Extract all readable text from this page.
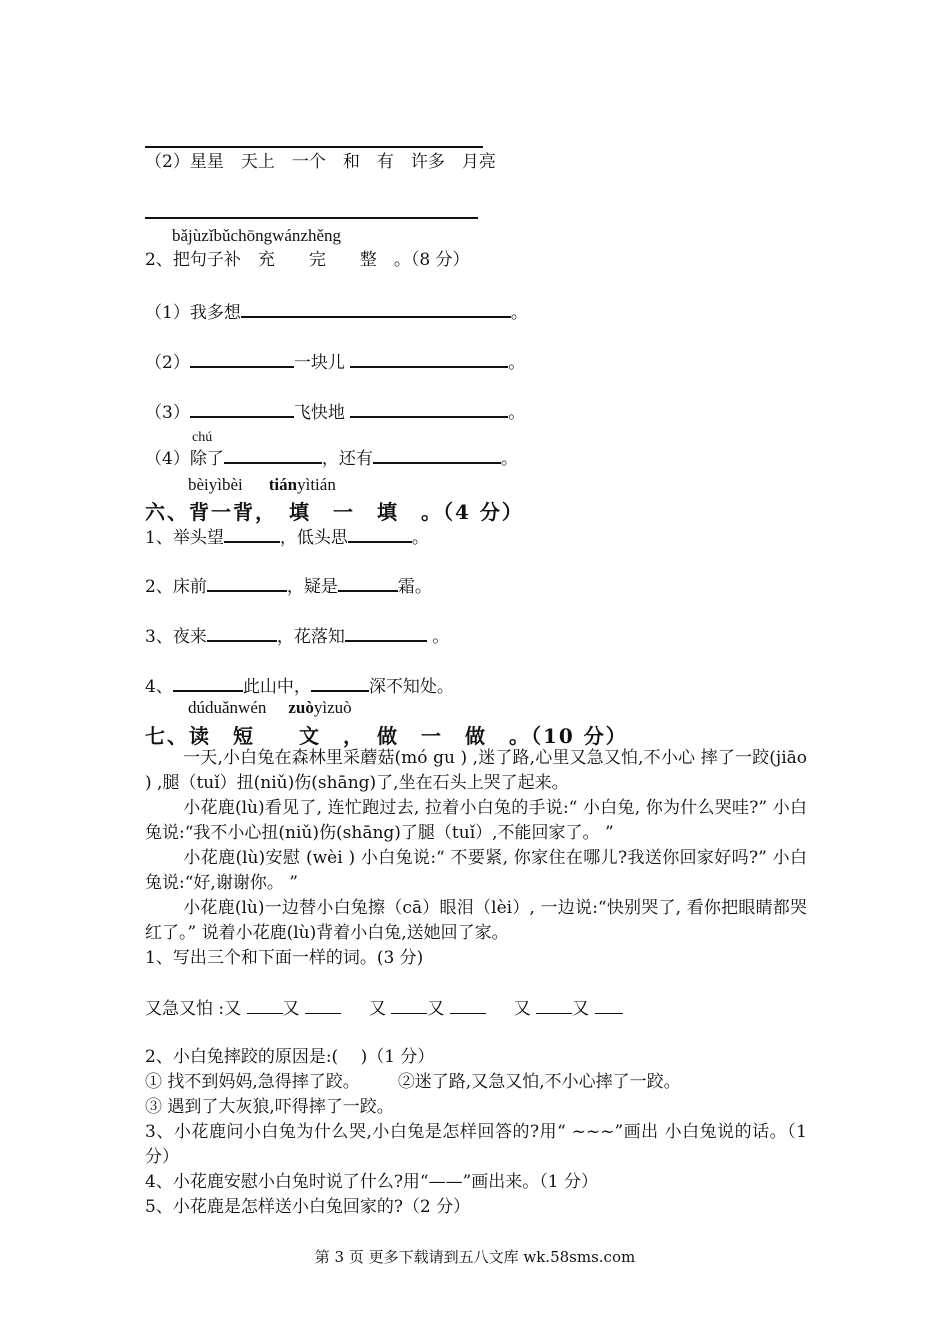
（2）星星　天上　一个　和　有　许多　月亮
bǎjùzǐbǔchōngwánzhěng
2、把句子补　充　　完　　整　。（8 分）
（1）我多想	。
（2）	一块儿	。
（3）	飞快地	。
chú
（4）除了	，还有	。
bèiyìbèi tiányìtián
六、背一背，　填　一　填　。（4 分）
1、举头望	，低头思	。
2、床前	，疑是	霜。
3、夜来	，花落知	。
4、	此山中，	深不知处。
dúduǎnwén zuòyìzuò
七、读　短　　文　，　做　一　做　。（10 分）
一天,小白兔在森林里采蘑菇(mó gu ) ,迷了路,心里又急又怕,不小心 摔了一跤(jiāo ) ,腿（tuǐ）扭(niǔ)伤(shāng)了,坐在石头上哭了起来。
小花鹿(lù)看见了, 连忙跑过去, 拉着小白兔的手说:“ 小白兔, 你为什么哭哇?” 小白兔说:“我不小心扭(niǔ)伤(shāng)了腿（tuǐ）,不能回家了。 ”
小花鹿(lù)安慰 (wèi ) 小白兔说:“ 不要紧, 你家住在哪儿?我送你回家好吗?” 小白兔说:“好,谢谢你。 ”
小花鹿(lù)一边替小白兔擦（cā）眼泪（lèi）, 一边说:“快别哭了, 看你把眼睛都哭红了。” 说着小花鹿(lù)背着小白兔,送她回了家。
1、写出三个和下面一样的词。(3 分)
又急又怕 :又 又	又 又	又 又
2、小白兔摔跤的原因是:(　 )（1 分）
① 找不到妈妈,急得摔了跤。 ②迷了路,又急又怕,不小心摔了一跤。
③ 遇到了大灰狼,吓得摔了一跤。
3、小花鹿问小白兔为什么哭,小白兔是怎样回答的?用“ ~~~”画出 小白兔说的话。（1 分）
4、小花鹿安慰小白兔时说了什么?用“——”画出来。（1 分）
5、小花鹿是怎样送小白兔回家的?（2 分）
第 3 页 更多下载请到五八文库 wk.58sms.com
